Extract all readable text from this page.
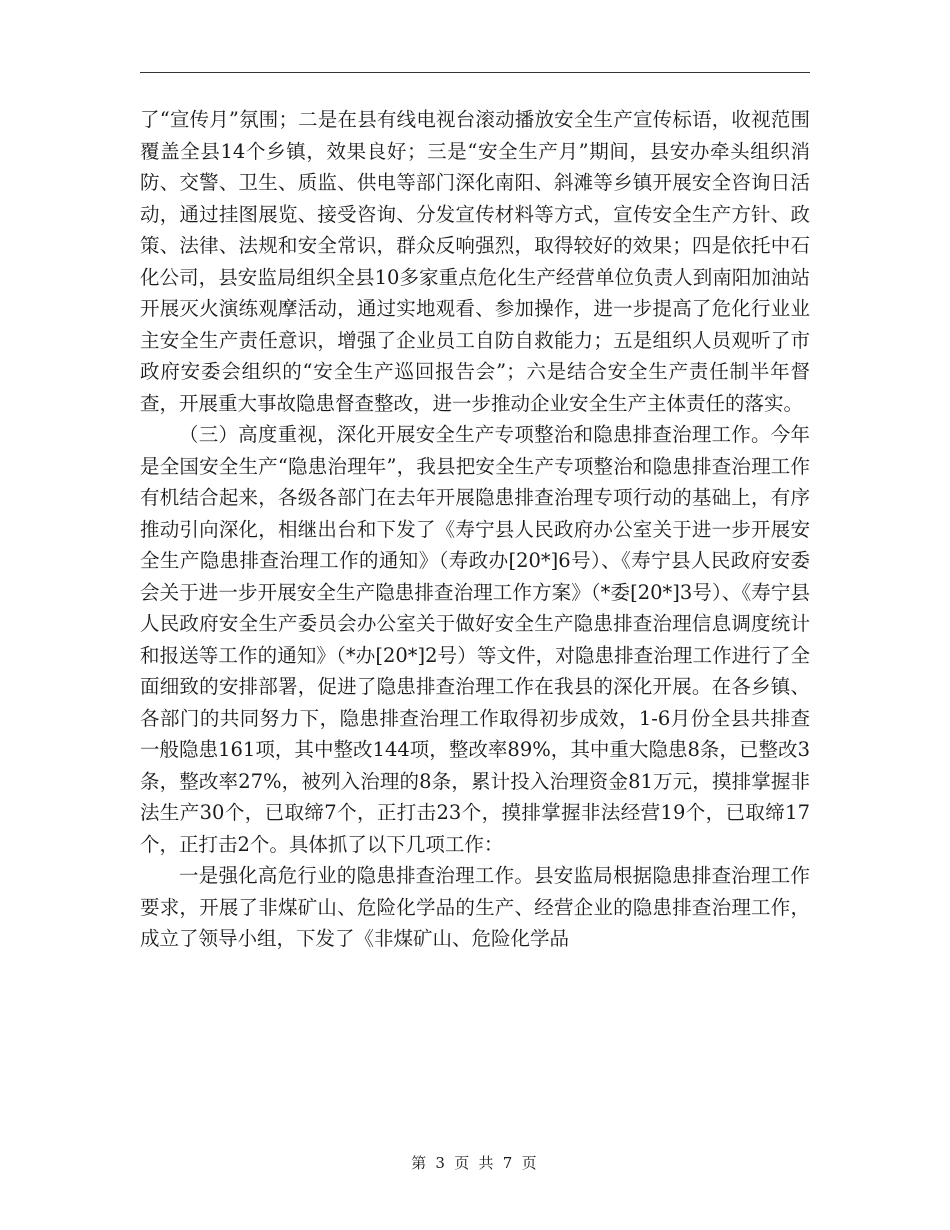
了“宣传月”氛围；二是在县有线电视台滚动播放安全生产宣传标语，收视范围覆盖全县14个乡镇，效果良好；三是“安全生产月”期间，县安办牵头组织消防、交警、卫生、质监、供电等部门深化南阳、斜滩等乡镇开展安全咨询日活动，通过挂图展览、接受咨询、分发宣传材料等方式，宣传安全生产方针、政策、法律、法规和安全常识，群众反响强烈，取得较好的效果；四是依托中石化公司，县安监局组织全县10多家重点危化生产经营单位负责人到南阳加油站开展灭火演练观摩活动，通过实地观看、参加操作，进一步提高了危化行业业主安全生产责任意识，增强了企业员工自防自救能力；五是组织人员观听了市政府安委会组织的“安全生产巡回报告会”；六是结合安全生产责任制半年督查，开展重大事故隐患督查整改，进一步推动企业安全生产主体责任的落实。

（三）高度重视，深化开展安全生产专项整治和隐患排查治理工作。今年是全国安全生产“隐患治理年”，我县把安全生产专项整治和隐患排查治理工作有机结合起来，各级各部门在去年开展隐患排查治理专项行动的基础上，有序推动引向深化，相继出台和下发了《寿宁县人民政府办公室关于进一步开展安全生产隐患排查治理工作的通知》（寿政办[20*]6号）、《寿宁县人民政府安委会关于进一步开展安全生产隐患排查治理工作方案》（*委[20*]3号）、《寿宁县人民政府安全生产委员会办公室关于做好安全生产隐患排查治理信息调度统计和报送等工作的通知》（*办[20*]2号）等文件，对隐患排查治理工作进行了全面细致的安排部署，促进了隐患排查治理工作在我县的深化开展。在各乡镇、各部门的共同努力下，隐患排查治理工作取得初步成效，1-6月份全县共排查一般隐患161项，其中整改144项，整改率89%，其中重大隐患8条，已整改3条，整改率27%，被列入治理的8条，累计投入治理资金81万元，摸排掌握非法生产30个，已取缔7个，正打击23个，摸排掌握非法经营19个，已取缔17个，正打击2个。具体抓了以下几项工作：

一是强化高危行业的隐患排查治理工作。县安监局根据隐患排查治理工作要求，开展了非煤矿山、危险化学品的生产、经营企业的隐患排查治理工作，成立了领导小组，下发了《非煤矿山、危险化学品

第 3 页 共 7 页
